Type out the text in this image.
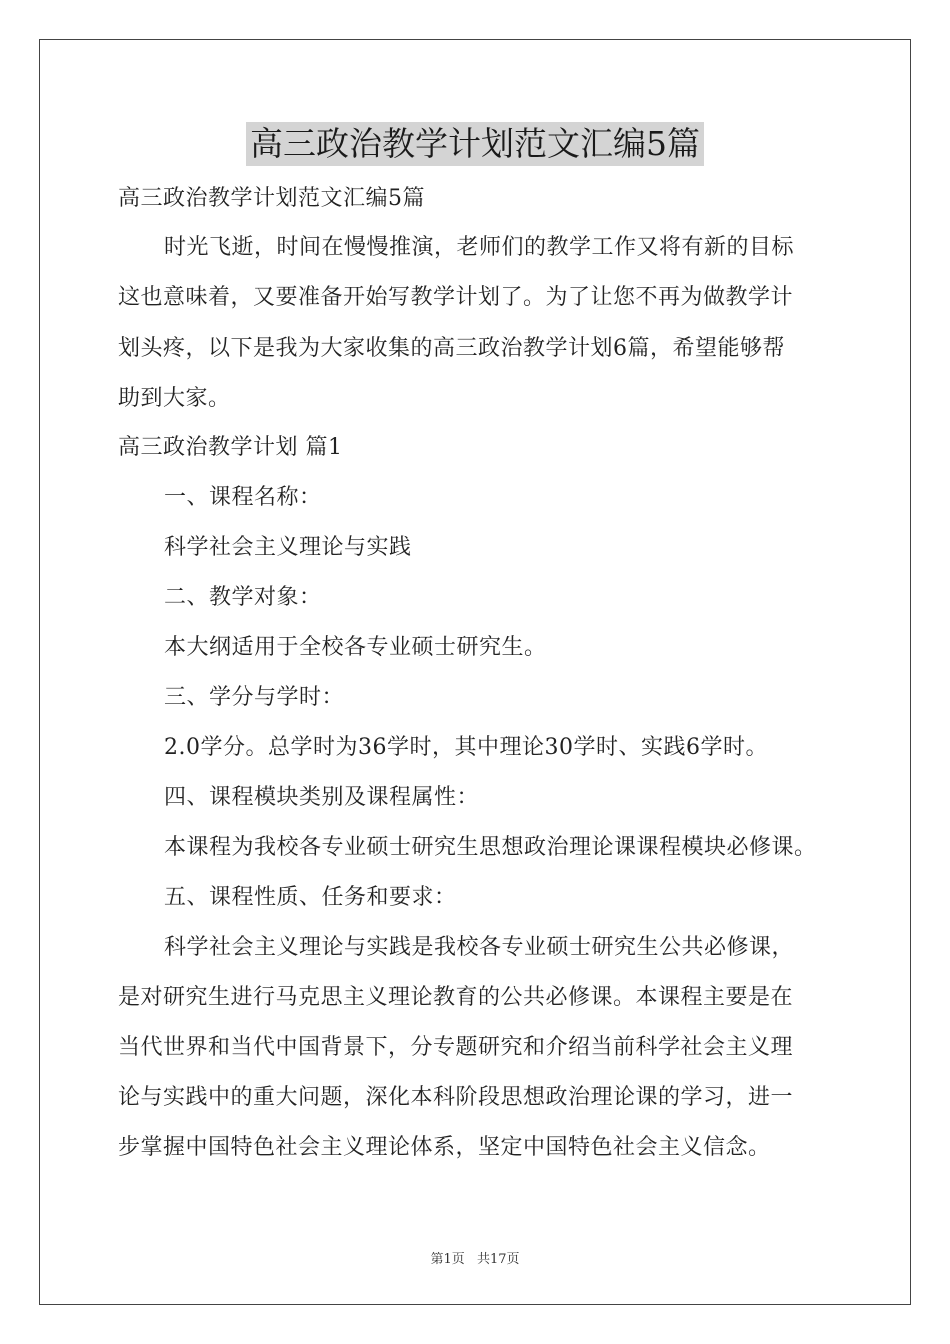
高三政治教学计划范文汇编5篇

高三政治教学计划范文汇编5篇

时光飞逝，时间在慢慢推演，老师们的教学工作又将有新的目标

这也意味着，又要准备开始写教学计划了。为了让您不再为做教学计

划头疼，以下是我为大家收集的高三政治教学计划6篇，希望能够帮

助到大家。

高三政治教学计划 篇1

一、课程名称：

科学社会主义理论与实践

二、教学对象：

本大纲适用于全校各专业硕士研究生。

三、学分与学时：

2.0学分。总学时为36学时，其中理论30学时、实践6学时。

四、课程模块类别及课程属性：

本课程为我校各专业硕士研究生思想政治理论课课程模块必修课。

五、课程性质、任务和要求：

科学社会主义理论与实践是我校各专业硕士研究生公共必修课，

是对研究生进行马克思主义理论教育的公共必修课。本课程主要是在

当代世界和当代中国背景下，分专题研究和介绍当前科学社会主义理

论与实践中的重大问题，深化本科阶段思想政治理论课的学习，进一

步掌握中国特色社会主义理论体系，坚定中国特色社会主义信念。

第1页 共17页
